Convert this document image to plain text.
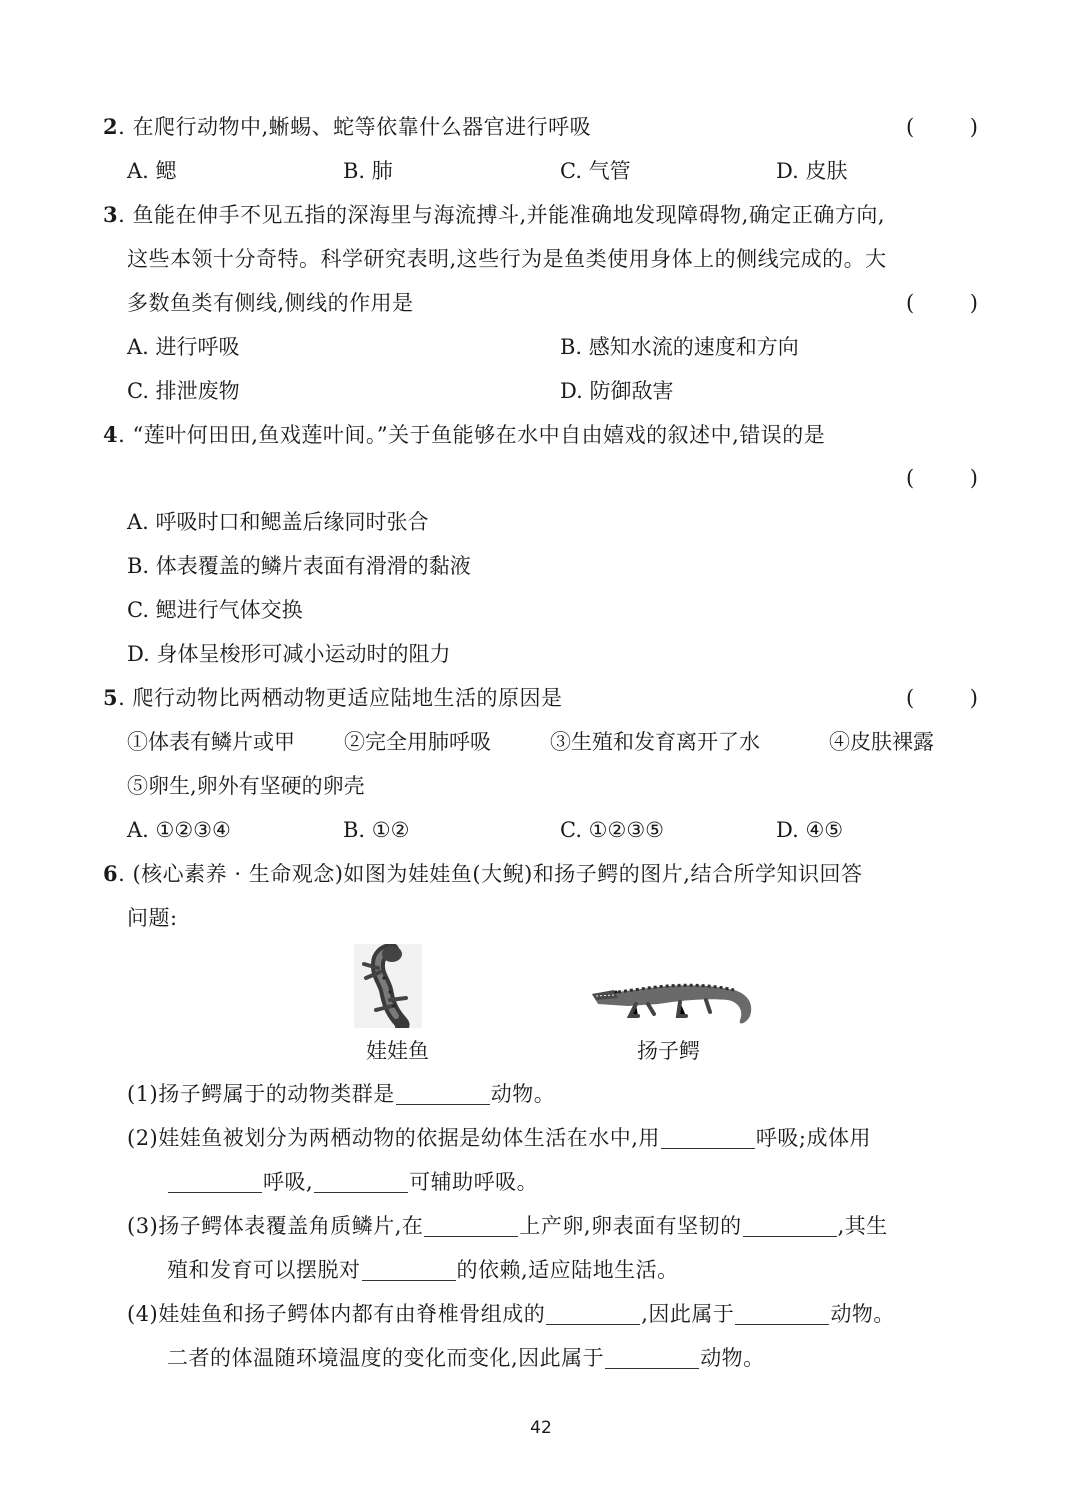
2. 在爬行动物中,蜥蜴、蛇等依靠什么器官进行呼吸	(	)
A. 鳃	B. 肺	C. 气管	D. 皮肤
3. 鱼能在伸手不见五指的深海里与海流搏斗,并能准确地发现障碍物,确定正确方向,
这些本领十分奇特。科学研究表明,这些行为是鱼类使用身体上的侧线完成的。大
多数鱼类有侧线,侧线的作用是	(	)
A. 进行呼吸	B. 感知水流的速度和方向
C. 排泄废物	D. 防御敌害
4. “莲叶何田田,鱼戏莲叶间。”关于鱼能够在水中自由嬉戏的叙述中,错误的是
(	)
A. 呼吸时口和鳃盖后缘同时张合
B. 体表覆盖的鳞片表面有滑滑的黏液
C. 鳃进行气体交换
D. 身体呈梭形可减小运动时的阻力
5. 爬行动物比两栖动物更适应陆地生活的原因是	(	)
①体表有鳞片或甲 ②完全用肺呼吸	③生殖和发育离开了水	④皮肤裸露
⑤卵生,卵外有坚硬的卵壳
A. ①②③④	B. ①②	C. ①②③⑤	D. ④⑤
6. (核心素养 · 生命观念)如图为娃娃鱼(大鲵)和扬子鳄的图片,结合所学知识回答
问题:
娃娃鱼	扬子鳄
(1)扬子鳄属于的动物类群是	动物。
(2)娃娃鱼被划分为两栖动物的依据是幼体生活在水中,用	呼吸;成体用
呼吸,	可辅助呼吸。
(3)扬子鳄体表覆盖角质鳞片,在	上产卵,卵表面有坚韧的	,其生
殖和发育可以摆脱对	的依赖,适应陆地生活。
(4)娃娃鱼和扬子鳄体内都有由脊椎骨组成的	,因此属于	动物。
二者的体温随环境温度的变化而变化,因此属于	动物。
42
